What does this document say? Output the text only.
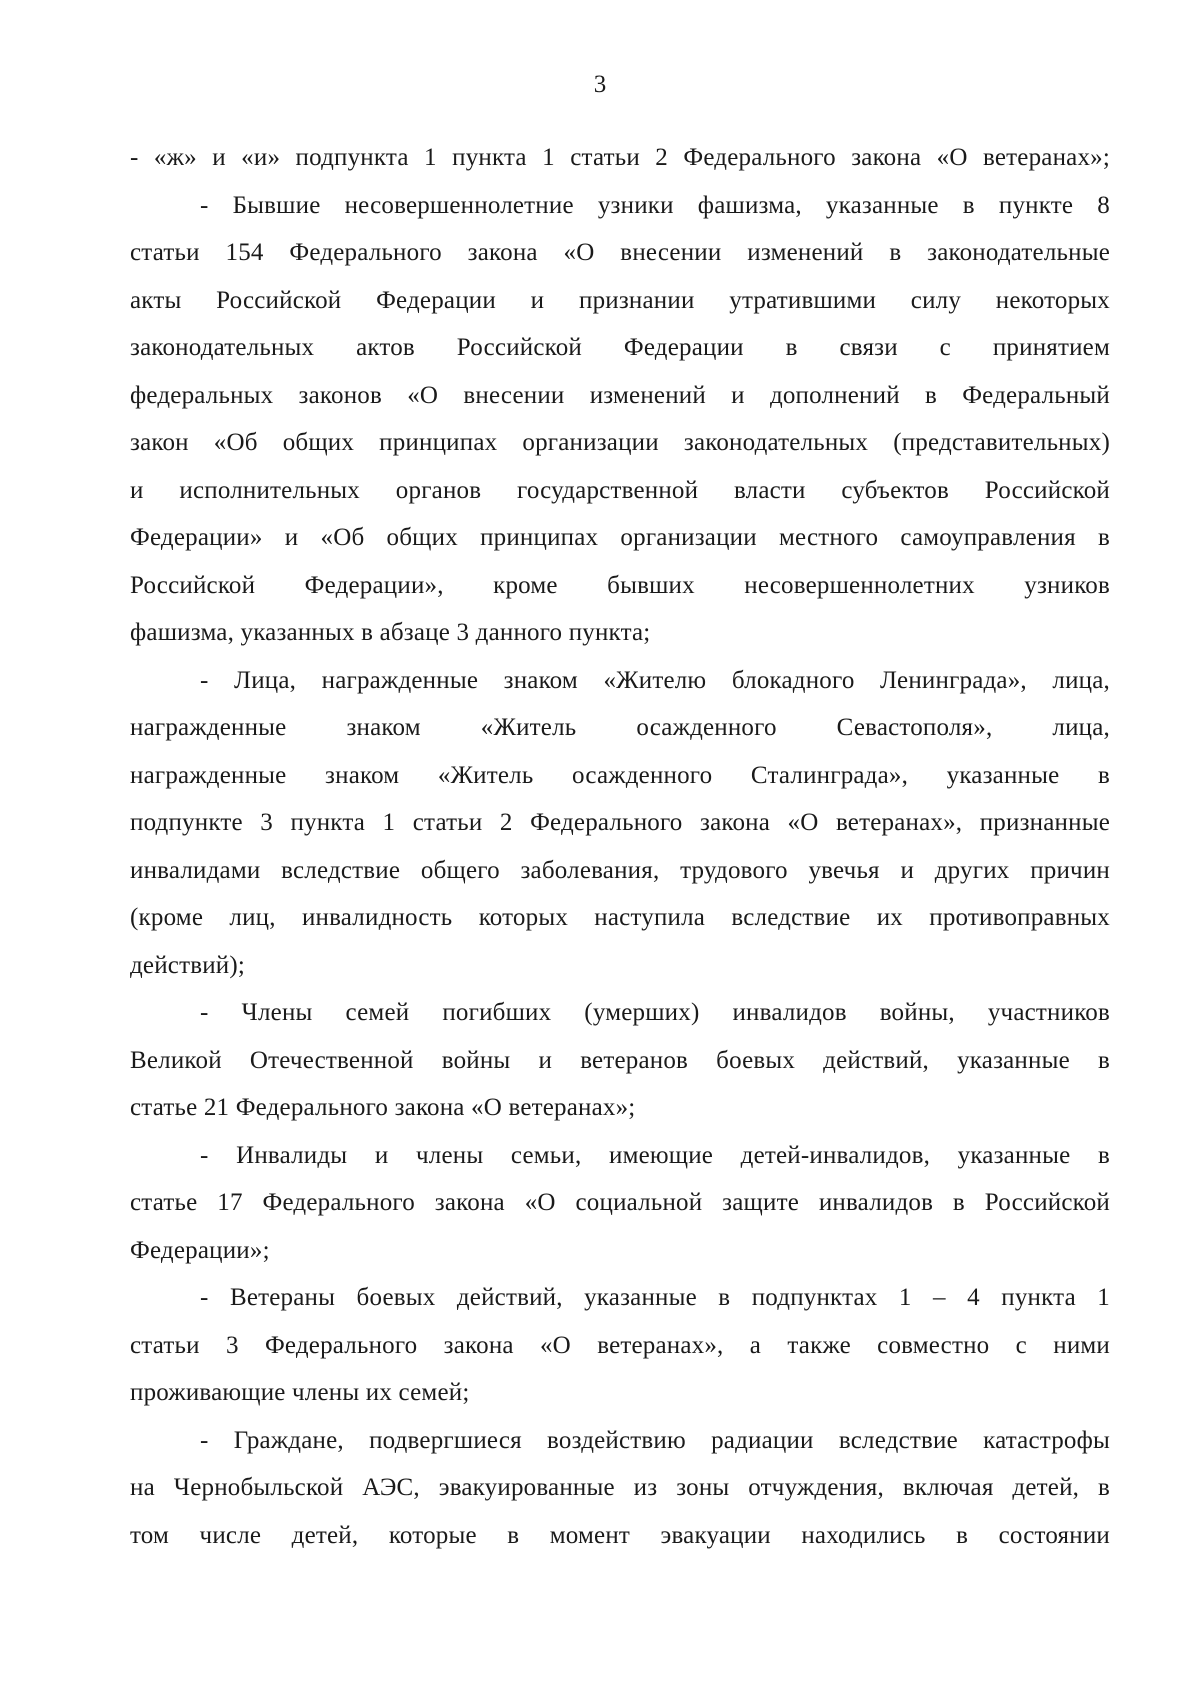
3
- «ж» и «и» подпункта 1 пункта 1 статьи 2 Федерального закона «О ветеранах»;
- Бывшие несовершеннолетние узники фашизма, указанные в пункте 8
статьи 154 Федерального закона «О внесении изменений в законодательные
акты Российской Федерации и признании утратившими силу некоторых
законодательных актов Российской Федерации в связи с принятием
федеральных законов «О внесении изменений и дополнений в Федеральный
закон «Об общих принципах организации законодательных (представительных)
и исполнительных органов государственной власти субъектов Российской
Федерации» и «Об общих принципах организации местного самоуправления в
Российской Федерации», кроме бывших несовершеннолетних узников
фашизма, указанных в абзаце 3 данного пункта;
- Лица, награжденные знаком «Жителю блокадного Ленинграда», лица,
награжденные знаком «Житель осажденного Севастополя», лица,
награжденные знаком «Житель осажденного Сталинграда», указанные в
подпункте 3 пункта 1 статьи 2 Федерального закона «О ветеранах», признанные
инвалидами вследствие общего заболевания, трудового увечья и других причин
(кроме лиц, инвалидность которых наступила вследствие их противоправных
действий);
- Члены семей погибших (умерших) инвалидов войны, участников
Великой Отечественной войны и ветеранов боевых действий, указанные в
статье 21 Федерального закона «О ветеранах»;
- Инвалиды и члены семьи, имеющие детей-инвалидов, указанные в
статье 17 Федерального закона «О социальной защите инвалидов в Российской
Федерации»;
- Ветераны боевых действий, указанные в подпунктах 1 – 4 пункта 1
статьи 3 Федерального закона «О ветеранах», а также совместно с ними
проживающие члены их семей;
- Граждане, подвергшиеся воздействию радиации вследствие катастрофы
на Чернобыльской АЭС, эвакуированные из зоны отчуждения, включая детей, в
том числе детей, которые в момент эвакуации находились в состоянии
